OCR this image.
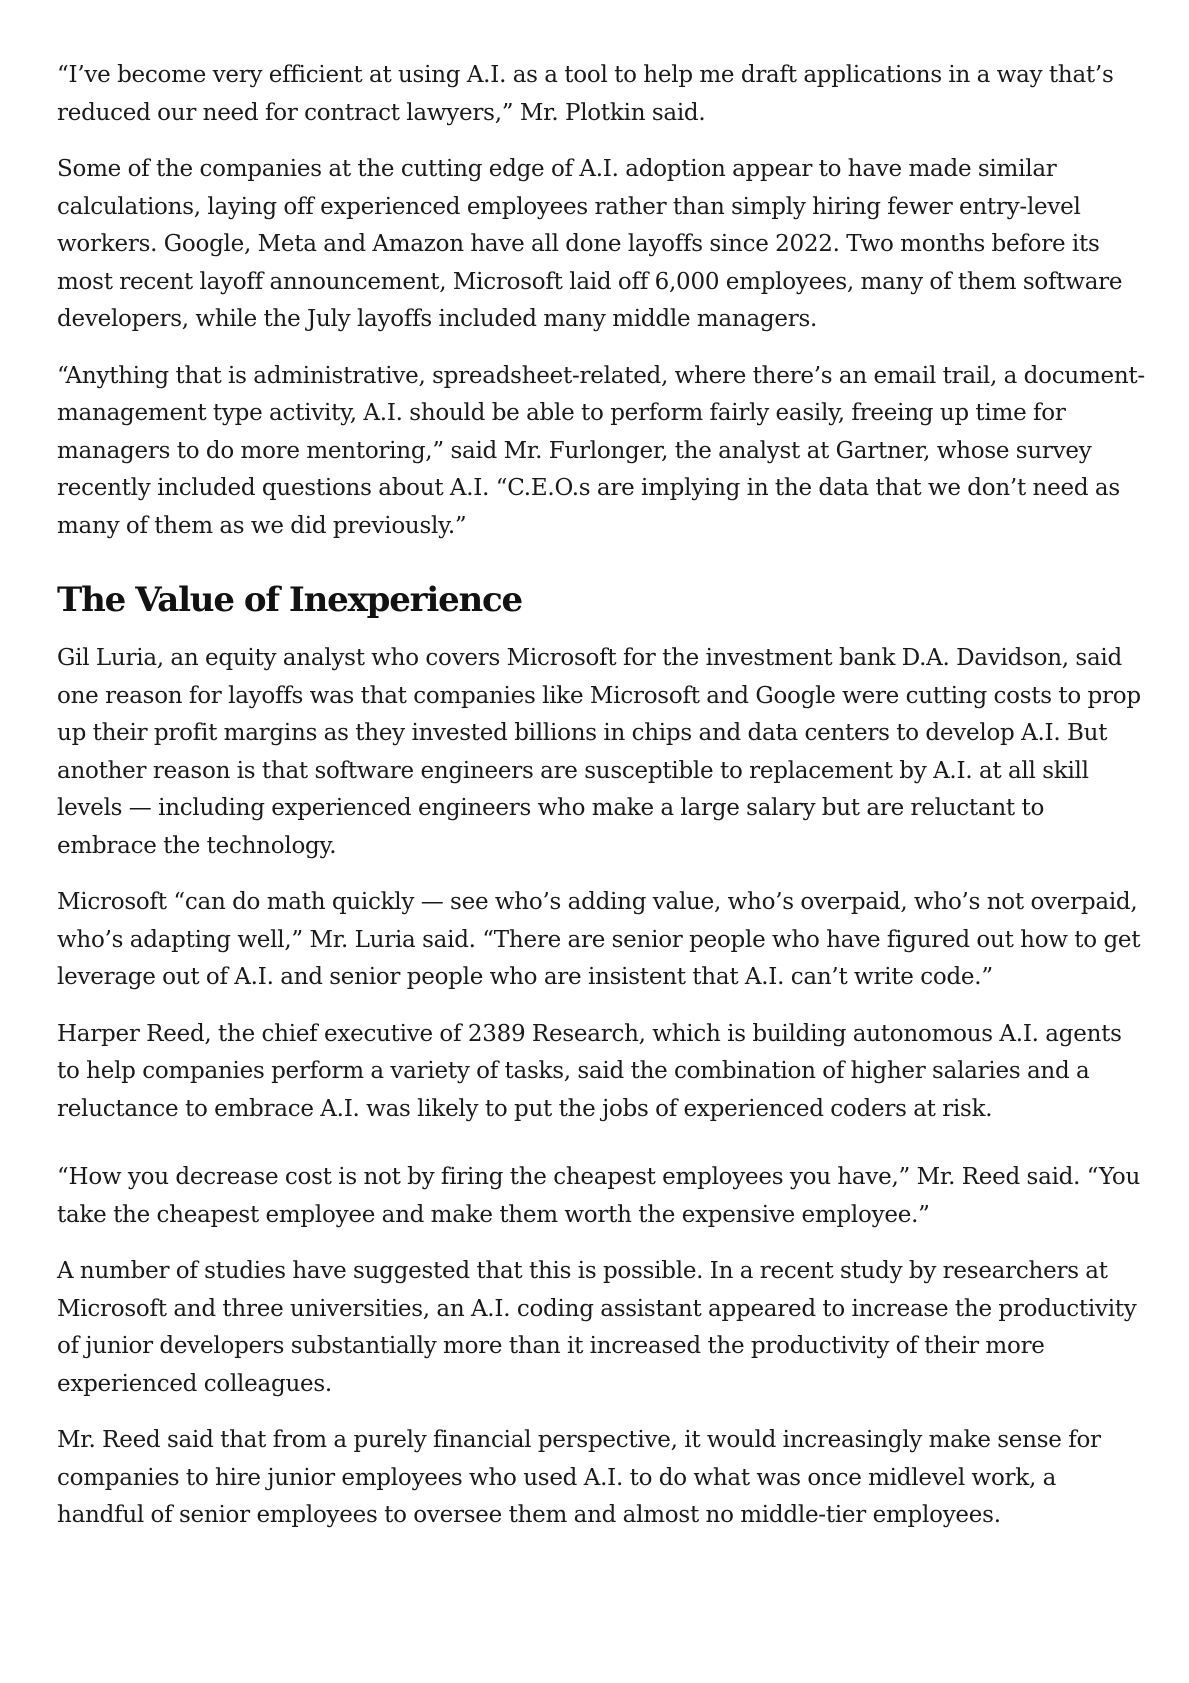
“I’ve become very efficient at using A.I. as a tool to help me draft applications in a way that’s reduced our need for contract lawyers,” Mr. Plotkin said.

Some of the companies at the cutting edge of A.I. adoption appear to have made similar calculations, laying off experienced employees rather than simply hiring fewer entry-level workers. Google, Meta and Amazon have all done layoffs since 2022. Two months before its most recent layoff announcement, Microsoft laid off 6,000 employees, many of them software developers, while the July layoffs included many middle managers.

“Anything that is administrative, spreadsheet-related, where there’s an email trail, a document-management type activity, A.I. should be able to perform fairly easily, freeing up time for managers to do more mentoring,” said Mr. Furlonger, the analyst at Gartner, whose survey recently included questions about A.I. “C.E.O.s are implying in the data that we don’t need as many of them as we did previously.”

The Value of Inexperience

Gil Luria, an equity analyst who covers Microsoft for the investment bank D.A. Davidson, said one reason for layoffs was that companies like Microsoft and Google were cutting costs to prop up their profit margins as they invested billions in chips and data centers to develop A.I. But another reason is that software engineers are susceptible to replacement by A.I. at all skill levels — including experienced engineers who make a large salary but are reluctant to embrace the technology.

Microsoft “can do math quickly — see who’s adding value, who’s overpaid, who’s not overpaid, who’s adapting well,” Mr. Luria said. “There are senior people who have figured out how to get leverage out of A.I. and senior people who are insistent that A.I. can’t write code.”

Harper Reed, the chief executive of 2389 Research, which is building autonomous A.I. agents to help companies perform a variety of tasks, said the combination of higher salaries and a reluctance to embrace A.I. was likely to put the jobs of experienced coders at risk.

“How you decrease cost is not by firing the cheapest employees you have,” Mr. Reed said. “You take the cheapest employee and make them worth the expensive employee.”

A number of studies have suggested that this is possible. In a recent study by researchers at Microsoft and three universities, an A.I. coding assistant appeared to increase the productivity of junior developers substantially more than it increased the productivity of their more experienced colleagues.

Mr. Reed said that from a purely financial perspective, it would increasingly make sense for companies to hire junior employees who used A.I. to do what was once midlevel work, a handful of senior employees to oversee them and almost no middle-tier employees.
